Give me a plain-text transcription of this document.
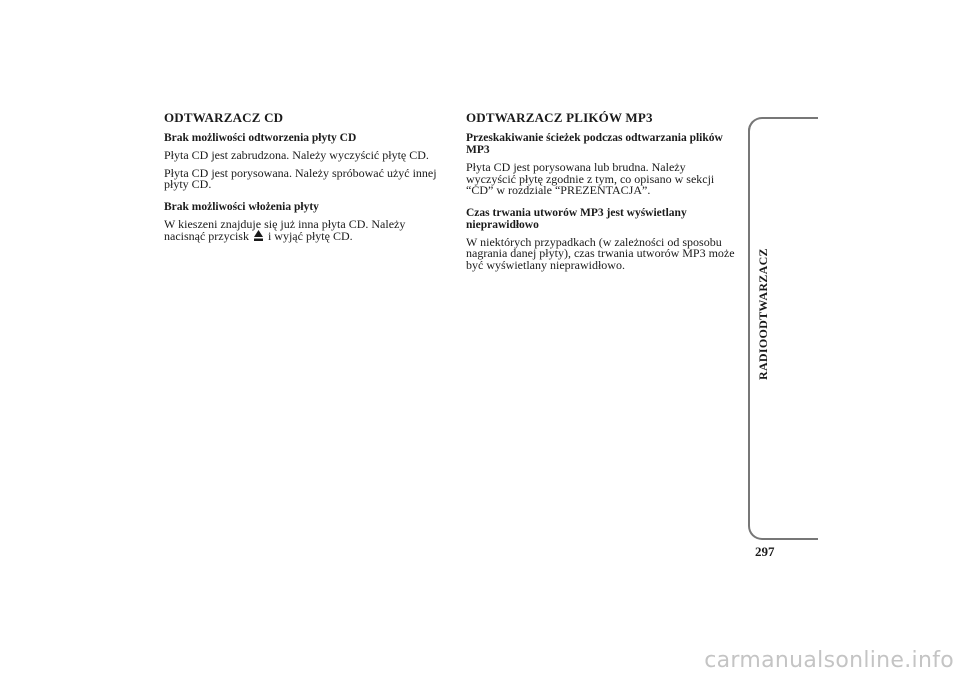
ODTWARZACZ CD
Brak możliwości odtworzenia płyty CD

Płyta CD jest zabrudzona. Należy wyczyścić płytę CD.

Płyta CD jest porysowana. Należy spróbować użyć innej płyty CD.

Brak możliwości włożenia płyty

W kieszeni znajduje się już inna płyta CD. Należy nacisnąć przycisk i wyjąć płytę CD.

ODTWARZACZ PLIKÓW MP3
Przeskakiwanie ścieżek podczas odtwarzania plików MP3

Płyta CD jest porysowana lub brudna. Należy wyczyścić płytę zgodnie z tym, co opisano w sekcji “CD” w rozdziale “PREZENTACJA”.

Czas trwania utworów MP3 jest wyświetlany nieprawidłowo

W niektórych przypadkach (w zależności od sposobu nagrania danej płyty), czas trwania utworów MP3 może być wyświetlany nieprawidłowo.	RADIOODTWARZACZ
297
carmanualsonline.info
